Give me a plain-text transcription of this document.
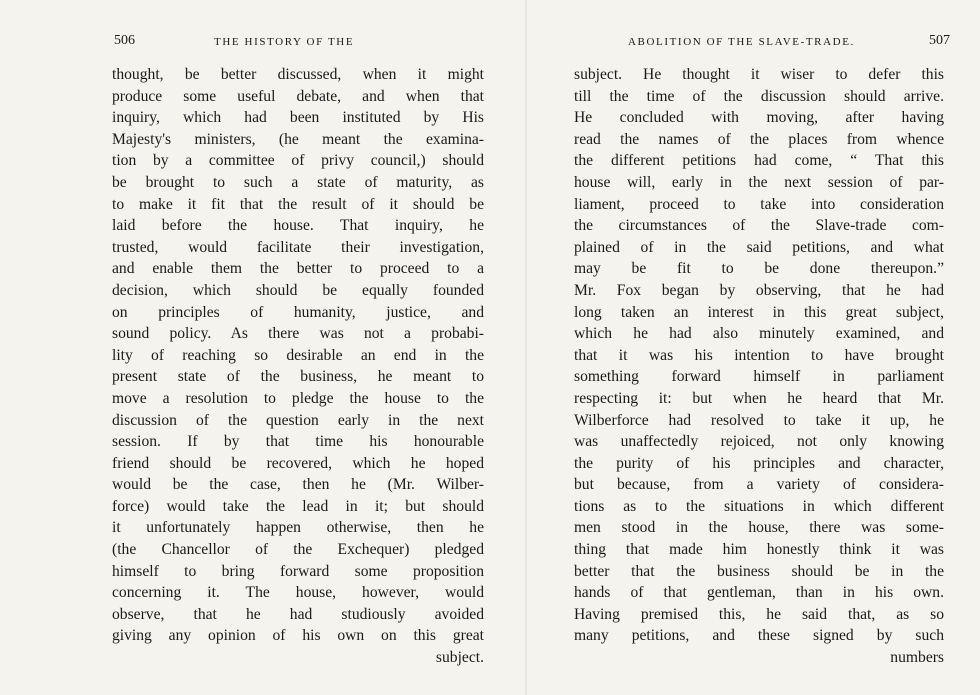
506	THE HISTORY OF THE
thought, be better discussed, when it might
produce some useful debate, and when that
inquiry, which had been instituted by His
Majesty's ministers, (he meant the examina-
tion by a committee of privy council,) should
be brought to such a state of maturity, as
to make it fit that the result of it should be
laid before the house. That inquiry, he
trusted, would facilitate their investigation,
and enable them the better to proceed to a
decision, which should be equally founded
on principles of humanity, justice, and
sound policy. As there was not a probabi-
lity of reaching so desirable an end in the
present state of the business, he meant to
move a resolution to pledge the house to the
discussion of the question early in the next
session. If by that time his honourable
friend should be recovered, which he hoped
would be the case, then he (Mr. Wilber-
force) would take the lead in it; but should
it unfortunately happen otherwise, then he
(the Chancellor of the Exchequer) pledged
himself to bring forward some proposition
concerning it. The house, however, would
observe, that he had studiously avoided
giving any opinion of his own on this great
subject.
ABOLITION OF THE SLAVE-TRADE.	507
subject. He thought it wiser to defer this
till the time of the discussion should arrive.
He concluded with moving, after having
read the names of the places from whence
the different petitions had come, “ That this
house will, early in the next session of par-
liament, proceed to take into consideration
the circumstances of the Slave-trade com-
plained of in the said petitions, and what
may be fit to be done thereupon.”
Mr. Fox began by observing, that he had
long taken an interest in this great subject,
which he had also minutely examined, and
that it was his intention to have brought
something forward himself in parliament
respecting it: but when he heard that Mr.
Wilberforce had resolved to take it up, he
was unaffectedly rejoiced, not only knowing
the purity of his principles and character,
but because, from a variety of considera-
tions as to the situations in which different
men stood in the house, there was some-
thing that made him honestly think it was
better that the business should be in the
hands of that gentleman, than in his own.
Having premised this, he said that, as so
many petitions, and these signed by such
numbers
